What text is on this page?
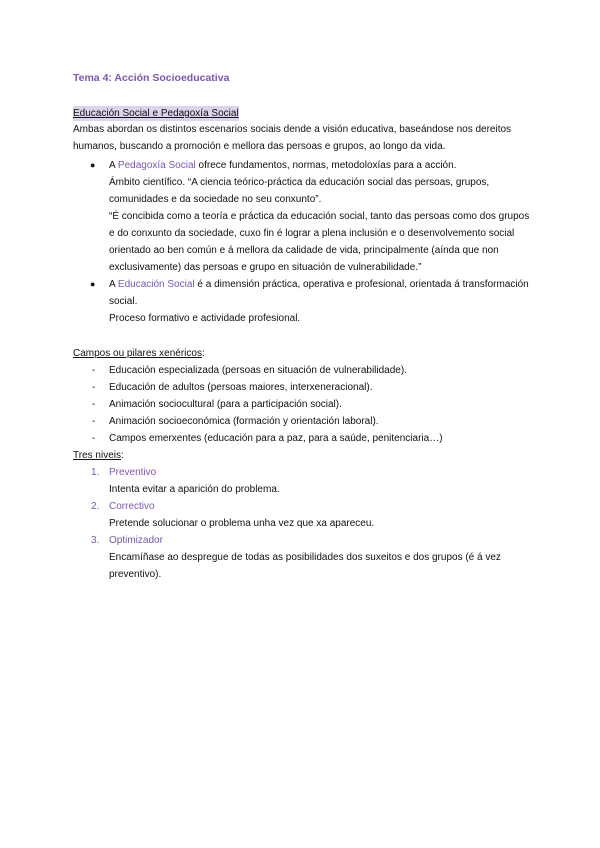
Tema 4: Acción Socioeducativa
Educación Social e Pedagoxía Social

Ambas abordan os distintos escenarios sociais dende a visión educativa, baseándose nos dereitos humanos, buscando a promoción e mellora das persoas e grupos, ao longo da vida.

● A Pedagoxía Social ofrece fundamentos, normas, metodoloxías para a acción.
Ámbito científico. “A ciencia teórico-práctica da educación social das persoas, grupos, comunidades e da sociedade no seu conxunto”.
“É concibida como a teoría e práctica da educación social, tanto das persoas como dos grupos e do conxunto da sociedade, cuxo fin é lograr a plena inclusión e o desenvolvemento social orientado ao ben común e á mellora da calidade de vida, principalmente (aínda que non exclusivamente) das persoas e grupo en situación de vulnerabilidade.”
● A Educación Social é a dimensión práctica, operativa e profesional, orientada á transformación social.
Proceso formativo e actividade profesional.
Campos ou pilares xenéricos:
- Educación especializada (persoas en situación de vulnerabilidade).
- Educación de adultos (persoas maiores, interxeneracional).
- Animación sociocultural (para a participación social).
- Animación socioeconómica (formación y orientación laboral).
- Campos emerxentes (educación para a paz, para a saúde, penitenciaria…)
Tres niveis:
1. Preventivo
Intenta evitar a aparición do problema.
2. Correctivo
Pretende solucionar o problema unha vez que xa apareceu.
3. Optimizador
Encamíñase ao despregue de todas as posibilidades dos suxeitos e dos grupos (é á vez preventivo).
